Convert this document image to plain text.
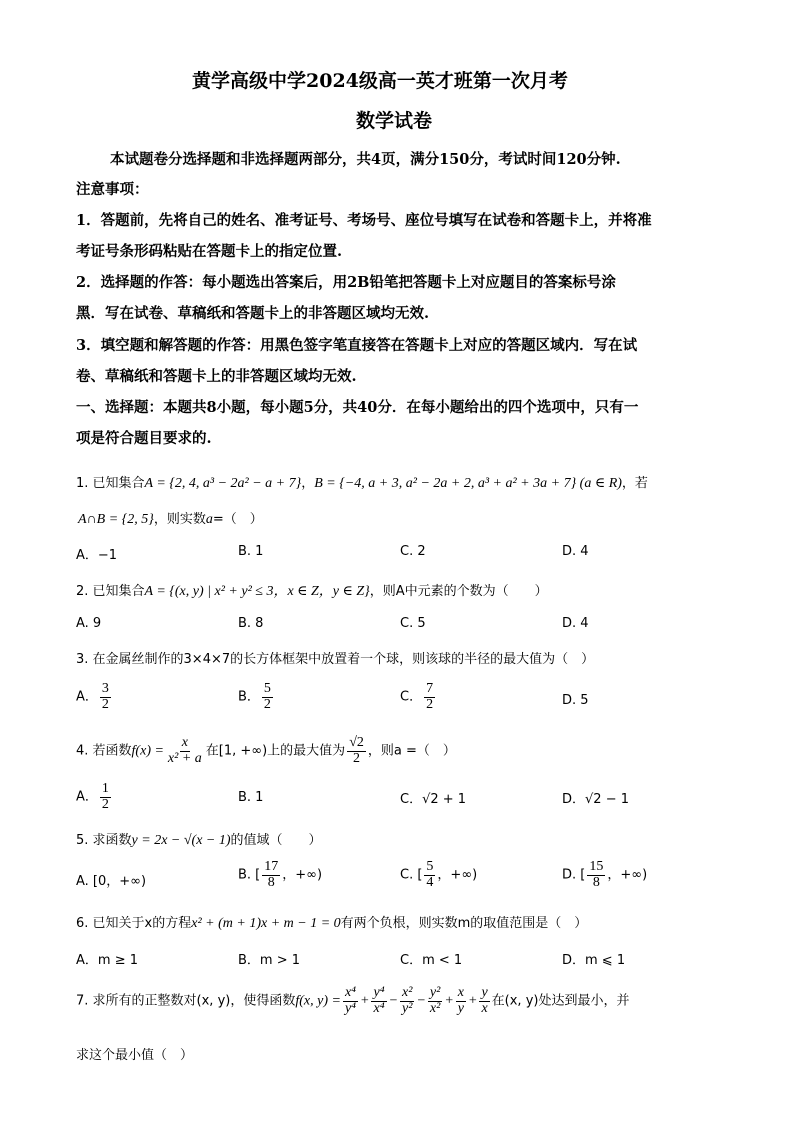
黄学高级中学2024级高一英才班第一次月考
数学试卷
本试题卷分选择题和非选择题两部分，共4页，满分150分，考试时间120分钟.
注意事项：
1．答题前，先将自己的姓名、准考证号、考场号、座位号填写在试卷和答题卡上，并将准
考证号条形码粘贴在答题卡上的指定位置.
2．选择题的作答：每小题选出答案后，用2B铅笔把答题卡上对应题目的答案标号涂
黑．写在试卷、草稿纸和答题卡上的非答题区域均无效.
3．填空题和解答题的作答：用黑色签字笔直接答在答题卡上对应的答题区域内．写在试
卷、草稿纸和答题卡上的非答题区域均无效.
一、选择题：本题共8小题，每小题5分，共40分．在每小题给出的四个选项中，只有一
项是符合题目要求的.
1. 已知集合A = {2, 4, a³ − 2a² − a + 7}，B = {−4, a + 3, a² − 2a + 2, a³ + a² + 3a + 7} (a ∈ R)，若
A∩B = {2, 5}，则实数a=（　）
A．−1	B. 1	C. 2	D. 4
2. 已知集合A = {(x, y) | x² + y² ≤ 3，x ∈ Z，y ∈ Z}，则A中元素的个数为（　　）
A. 9	B. 8	C. 5	D. 4
3. 在金属丝制作的3×4×7的长方体框架中放置着一个球，则该球的半径的最大值为（　）
A． $\frac{3}{2}$	B． $\frac{5}{2}$	C． $\frac{7}{2}$	D. 5
4. 若函数$f(x) = \frac{x}{\text{x² + a}}$ 在[1, +∞)上的最大值为 $\frac{√2}{2}$ ，则a =（　）
A． $\frac{1}{2}$	B. 1	C．√2 + 1	D．√2 − 1
5. 求函数y = 2x − √(x − 1)的值域（　　）
A. [0，+∞)	B. [ $\frac{17}{8}$ ，+∞)	C. [ $\frac{5}{4}$ ，+∞)	D. [ $\frac{15}{8}$ ，+∞)
6. 已知关于x的方程x² + (m + 1)x + m − 1 = 0有两个负根，则实数m的取值范围是（　）
A．m ≥ 1	B．m > 1	C．m < 1	D．m ⩽ 1
7. 求所有的正整数对(x, y)，使得函数f(x, $y) = \frac{\text{x⁴}}{\text{y⁴}} + \frac{\text{y⁴}}{\text{x⁴}} - \frac{\text{x²}}{\text{y²}} - \frac{\text{y²}}{\text{x²}} + \frac{x}{y} + \frac{y}{x}$ 在(x, y)处达到最小，并
求这个最小值（　）
